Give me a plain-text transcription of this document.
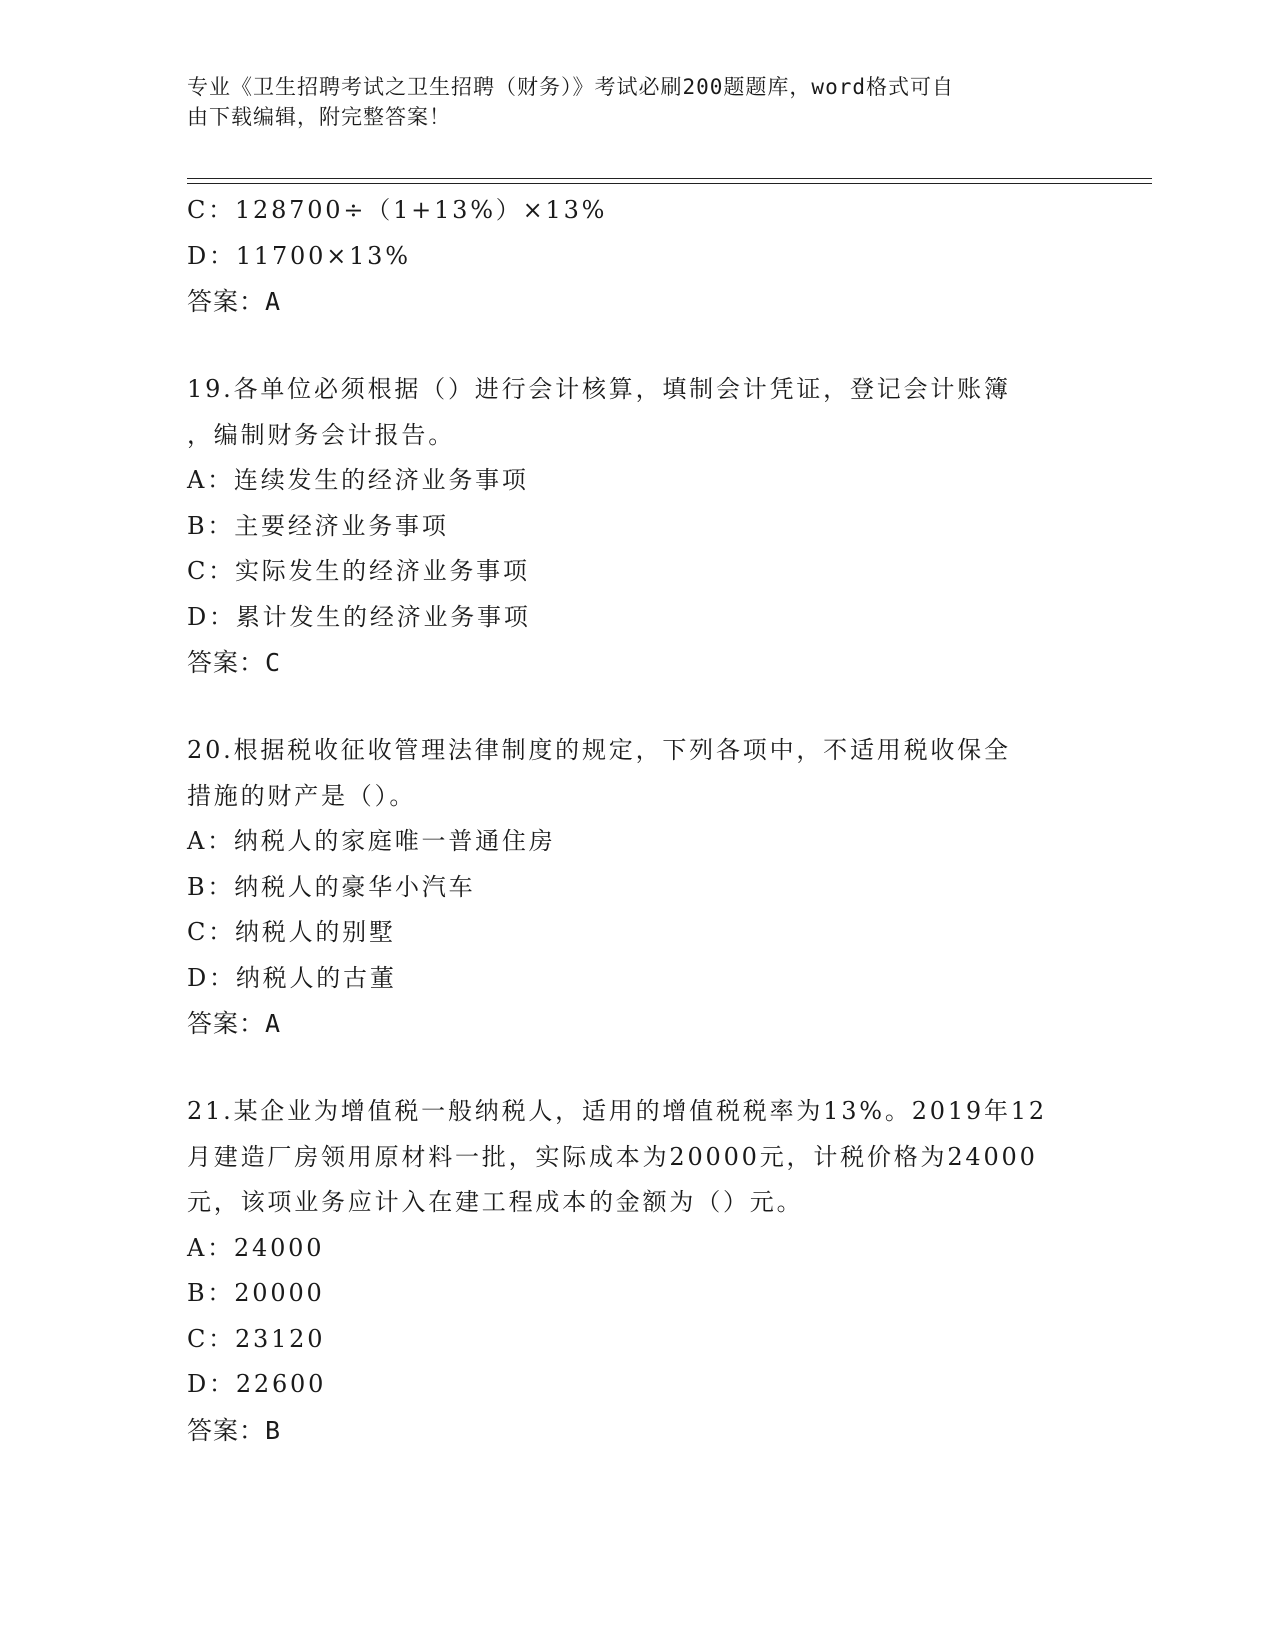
专业《卫生招聘考试之卫生招聘（财务）》考试必刷200题题库，word格式可自
由下载编辑，附完整答案！
C：128700÷（1+13%）×13%
D：11700×13%
答案：A
19.各单位必须根据（）进行会计核算，填制会计凭证，登记会计账簿
，编制财务会计报告。
A：连续发生的经济业务事项
B：主要经济业务事项
C：实际发生的经济业务事项
D：累计发生的经济业务事项
答案：C
20.根据税收征收管理法律制度的规定，下列各项中，不适用税收保全
措施的财产是（）。
A：纳税人的家庭唯一普通住房
B：纳税人的豪华小汽车
C：纳税人的别墅
D：纳税人的古董
答案：A
21.某企业为增值税一般纳税人，适用的增值税税率为13%。2019年12
月建造厂房领用原材料一批，实际成本为20000元，计税价格为24000
元，该项业务应计入在建工程成本的金额为（）元。
A：24000
B：20000
C：23120
D：22600
答案：B
